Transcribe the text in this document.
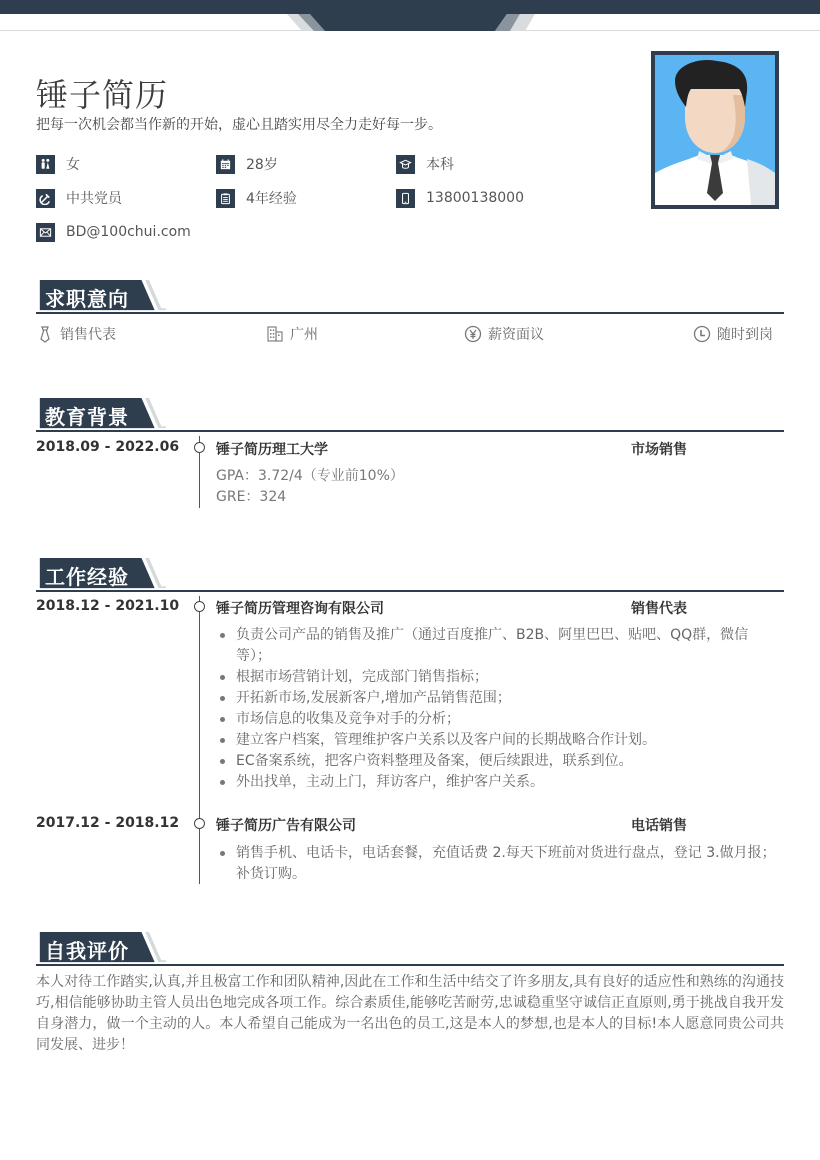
锤子简历
把每一次机会都当作新的开始，虚心且踏实用尽全力走好每一步。
女	28岁	本科
中共党员	4年经验	13800138000
BD@100chui.com
求职意向
销售代表	广州	薪资面议	随时到岗
教育背景
2018.09 - 2022.06	锤子简历理工大学	市场销售
GPA：3.72/4（专业前10%）
GRE：324
工作经验
2018.12 - 2021.10	锤子简历管理咨询有限公司	销售代表
负责公司产品的销售及推广（通过百度推广、B2B、阿里巴巴、贴吧、QQ群，微信等）；
根据市场营销计划，完成部门销售指标；
开拓新市场,发展新客户,增加产品销售范围；
市场信息的收集及竞争对手的分析；
建立客户档案，管理维护客户关系以及客户间的长期战略合作计划。
EC备案系统，把客户资料整理及备案，便后续跟进，联系到位。
外出找单，主动上门，拜访客户，维护客户关系。
2017.12 - 2018.12	锤子简历广告有限公司	电话销售
销售手机、电话卡，电话套餐，充值话费 2.每天下班前对货进行盘点，登记 3.做月报；补货订购。
自我评价

本人对待工作踏实,认真,并且极富工作和团队精神,因此在工作和生活中结交了许多朋友,具有良好的适应性和熟练的沟通技巧,相信能够协助主管人员出色地完成各项工作。综合素质佳,能够吃苦耐劳,忠诚稳重坚守诚信正直原则,勇于挑战自我开发自身潜力，做一个主动的人。本人希望自己能成为一名出色的员工,这是本人的梦想,也是本人的目标!本人愿意同贵公司共同发展、进步！
